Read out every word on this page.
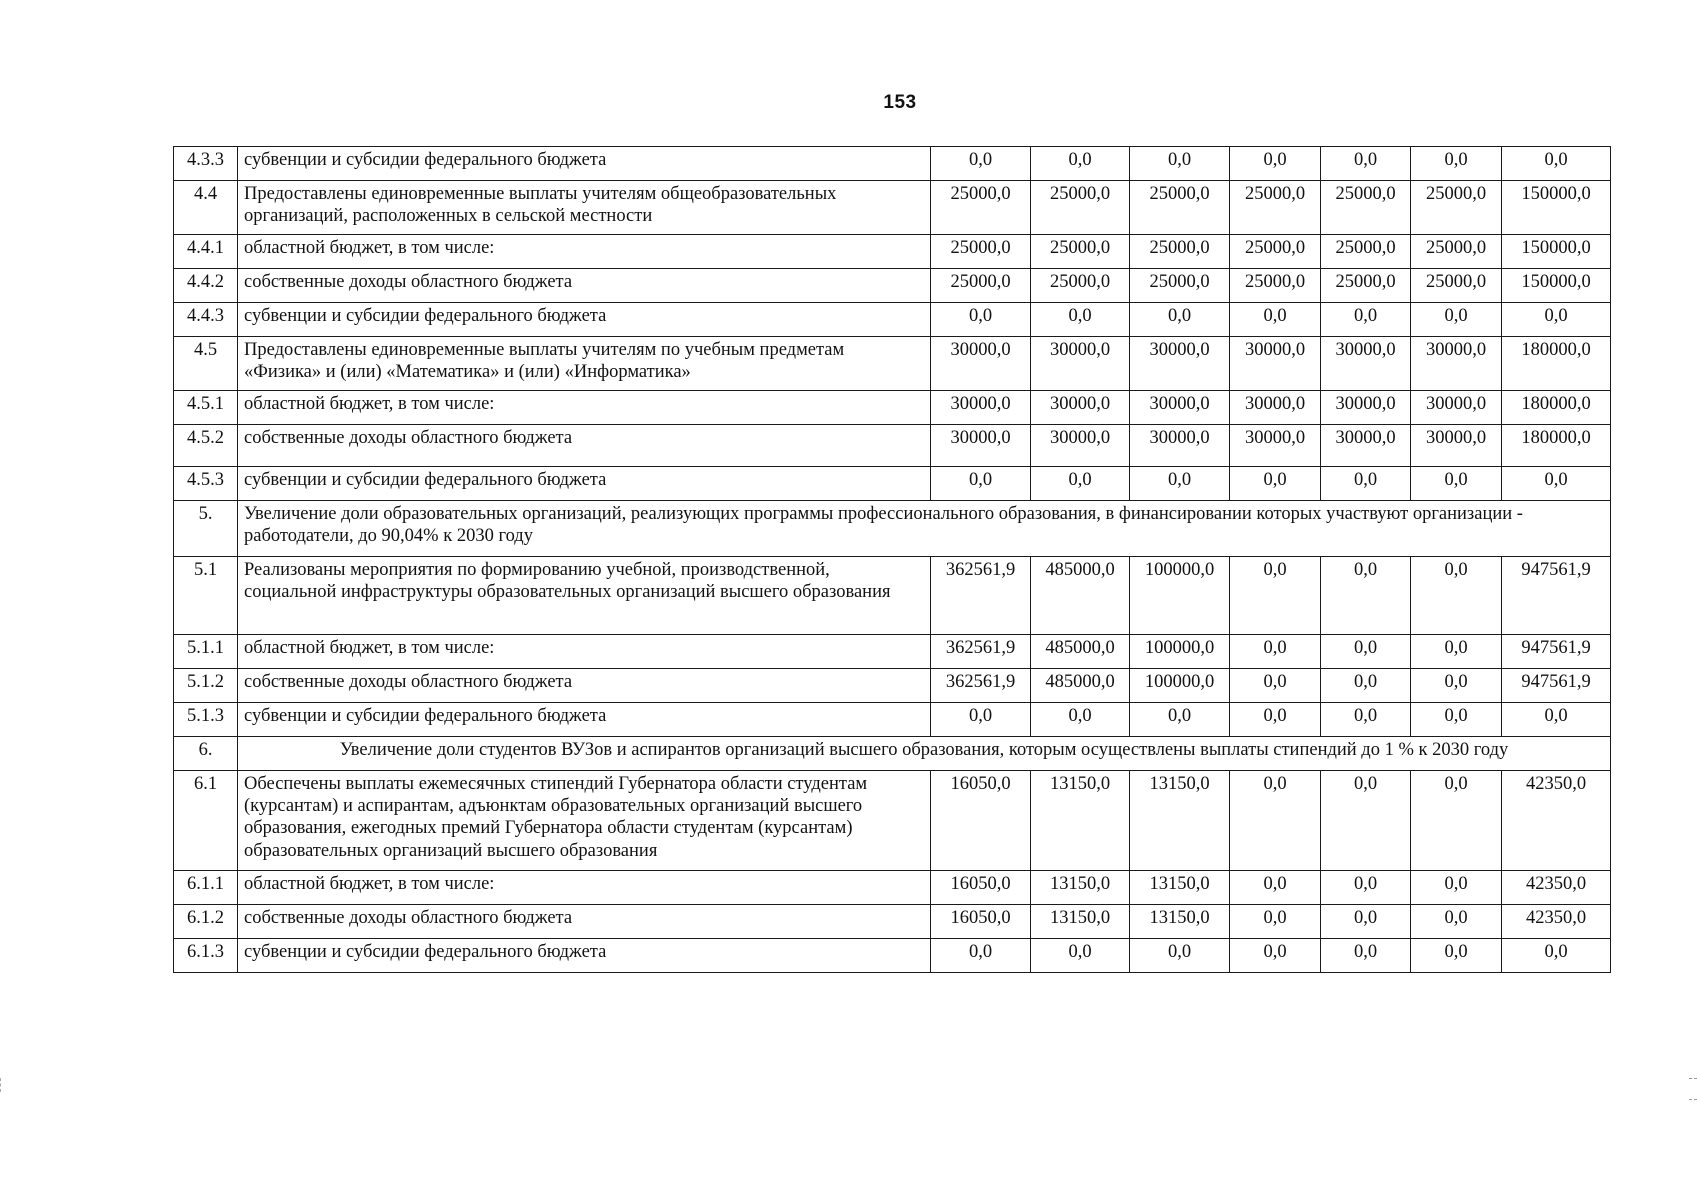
153
4.3.3	субвенции и субсидии федерального бюджета	0,0	0,0	0,0	0,0	0,0	0,0	0,0
4.4	Предоставлены единовременные выплаты учителям общеобразовательных организаций, расположенных в сельской местности	25000,0	25000,0	25000,0	25000,0	25000,0	25000,0	150000,0
4.4.1	областной бюджет, в том числе:	25000,0	25000,0	25000,0	25000,0	25000,0	25000,0	150000,0
4.4.2	собственные доходы областного бюджета	25000,0	25000,0	25000,0	25000,0	25000,0	25000,0	150000,0
4.4.3	субвенции и субсидии федерального бюджета	0,0	0,0	0,0	0,0	0,0	0,0	0,0
4.5	Предоставлены единовременные выплаты учителям по учебным предметам «Физика» и (или) «Математика» и (или) «Информатика»	30000,0	30000,0	30000,0	30000,0	30000,0	30000,0	180000,0
4.5.1	областной бюджет, в том числе:	30000,0	30000,0	30000,0	30000,0	30000,0	30000,0	180000,0
4.5.2	собственные доходы областного бюджета	30000,0	30000,0	30000,0	30000,0	30000,0	30000,0	180000,0
4.5.3	субвенции и субсидии федерального бюджета	0,0	0,0	0,0	0,0	0,0	0,0	0,0
5.	Увеличение доли образовательных организаций, реализующих программы профессионального образования, в финансировании которых участвуют организации - работодатели, до 90,04% к 2030 году							
5.1	Реализованы мероприятия по формированию учебной, производственной, социальной инфраструктуры образовательных организаций высшего образования	362561,9	485000,0	100000,0	0,0	0,0	0,0	947561,9
5.1.1	областной бюджет, в том числе:	362561,9	485000,0	100000,0	0,0	0,0	0,0	947561,9
5.1.2	собственные доходы областного бюджета	362561,9	485000,0	100000,0	0,0	0,0	0,0	947561,9
5.1.3	субвенции и субсидии федерального бюджета	0,0	0,0	0,0	0,0	0,0	0,0	0,0
6.	Увеличение доли студентов ВУЗов и аспирантов организаций высшего образования, которым осуществлены выплаты стипендий до 1 % к 2030 году							
6.1	Обеспечены выплаты ежемесячных стипендий Губернатора области студентам (курсантам) и аспирантам, адъюнктам образовательных организаций высшего образования, ежегодных премий Губернатора области студентам (курсантам) образовательных организаций высшего образования	16050,0	13150,0	13150,0	0,0	0,0	0,0	42350,0
6.1.1	областной бюджет, в том числе:	16050,0	13150,0	13150,0	0,0	0,0	0,0	42350,0
6.1.2	собственные доходы областного бюджета	16050,0	13150,0	13150,0	0,0	0,0	0,0	42350,0
6.1.3	субвенции и субсидии федерального бюджета	0,0	0,0	0,0	0,0	0,0	0,0	0,0
